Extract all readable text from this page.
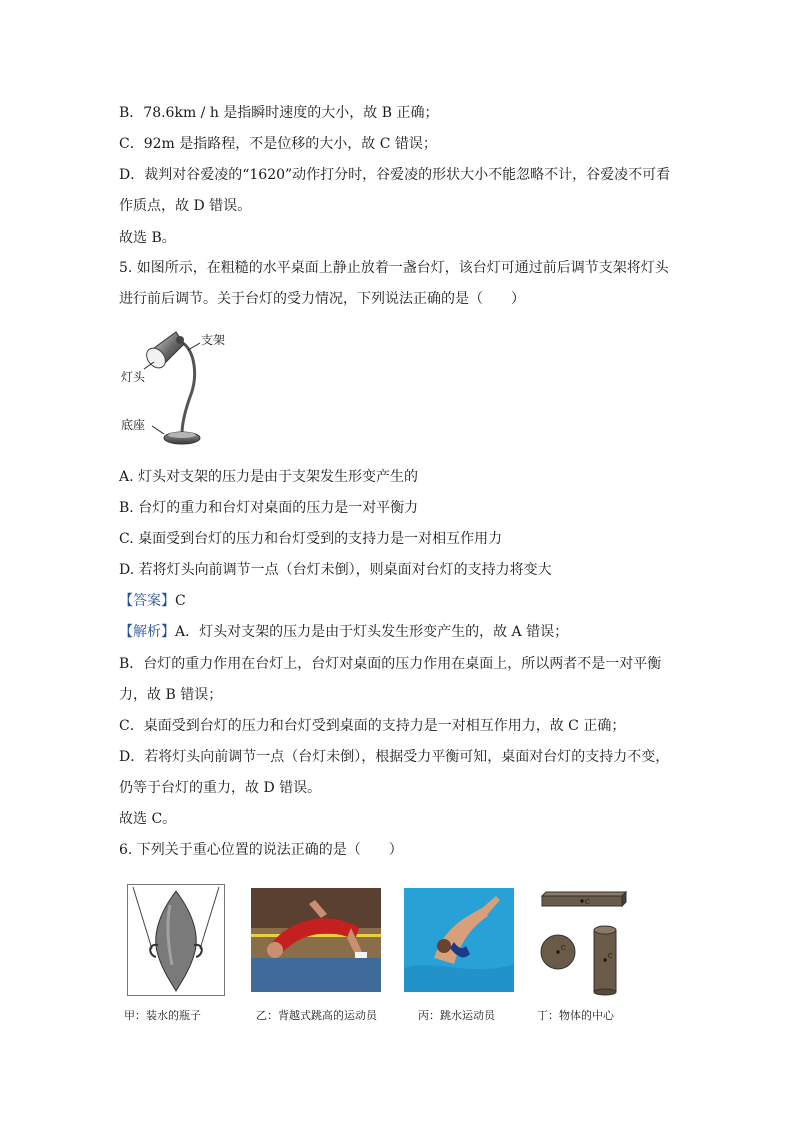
B．78.6km / h 是指瞬时速度的大小，故 B 正确；
C．92m 是指路程，不是位移的大小，故 C 错误；
D．裁判对谷爱凌的“1620”动作打分时，谷爱凌的形状大小不能忽略不计，谷爱凌不可看
作质点，故 D 错误。
故选 B。
5. 如图所示，在粗糙的水平桌面上静止放着一盏台灯，该台灯可通过前后调节支架将灯头
进行前后调节。关于台灯的受力情况，下列说法正确的是（　　）
支架
灯头
底座
A. 灯头对支架的压力是由于支架发生形变产生的
B. 台灯的重力和台灯对桌面的压力是一对平衡力
C. 桌面受到台灯的压力和台灯受到的支持力是一对相互作用力
D. 若将灯头向前调节一点（台灯未倒），则桌面对台灯的支持力将变大
【答案】C
【解析】A．灯头对支架的压力是由于灯头发生形变产生的，故 A 错误；
B．台灯的重力作用在台灯上，台灯对桌面的压力作用在桌面上，所以两者不是一对平衡
力，故 B 错误；
C．桌面受到台灯的压力和台灯受到桌面的支持力是一对相互作用力，故 C 正确；
D．若将灯头向前调节一点（台灯未倒），根据受力平衡可知，桌面对台灯的支持力不变，
仍等于台灯的重力，故 D 错误。
故选 C。
6. 下列关于重心位置的说法正确的是（　　）
C
C
C
甲：装水的瓶子	乙：背越式跳高的运动员	丙：跳水运动员	丁：物体的中心
